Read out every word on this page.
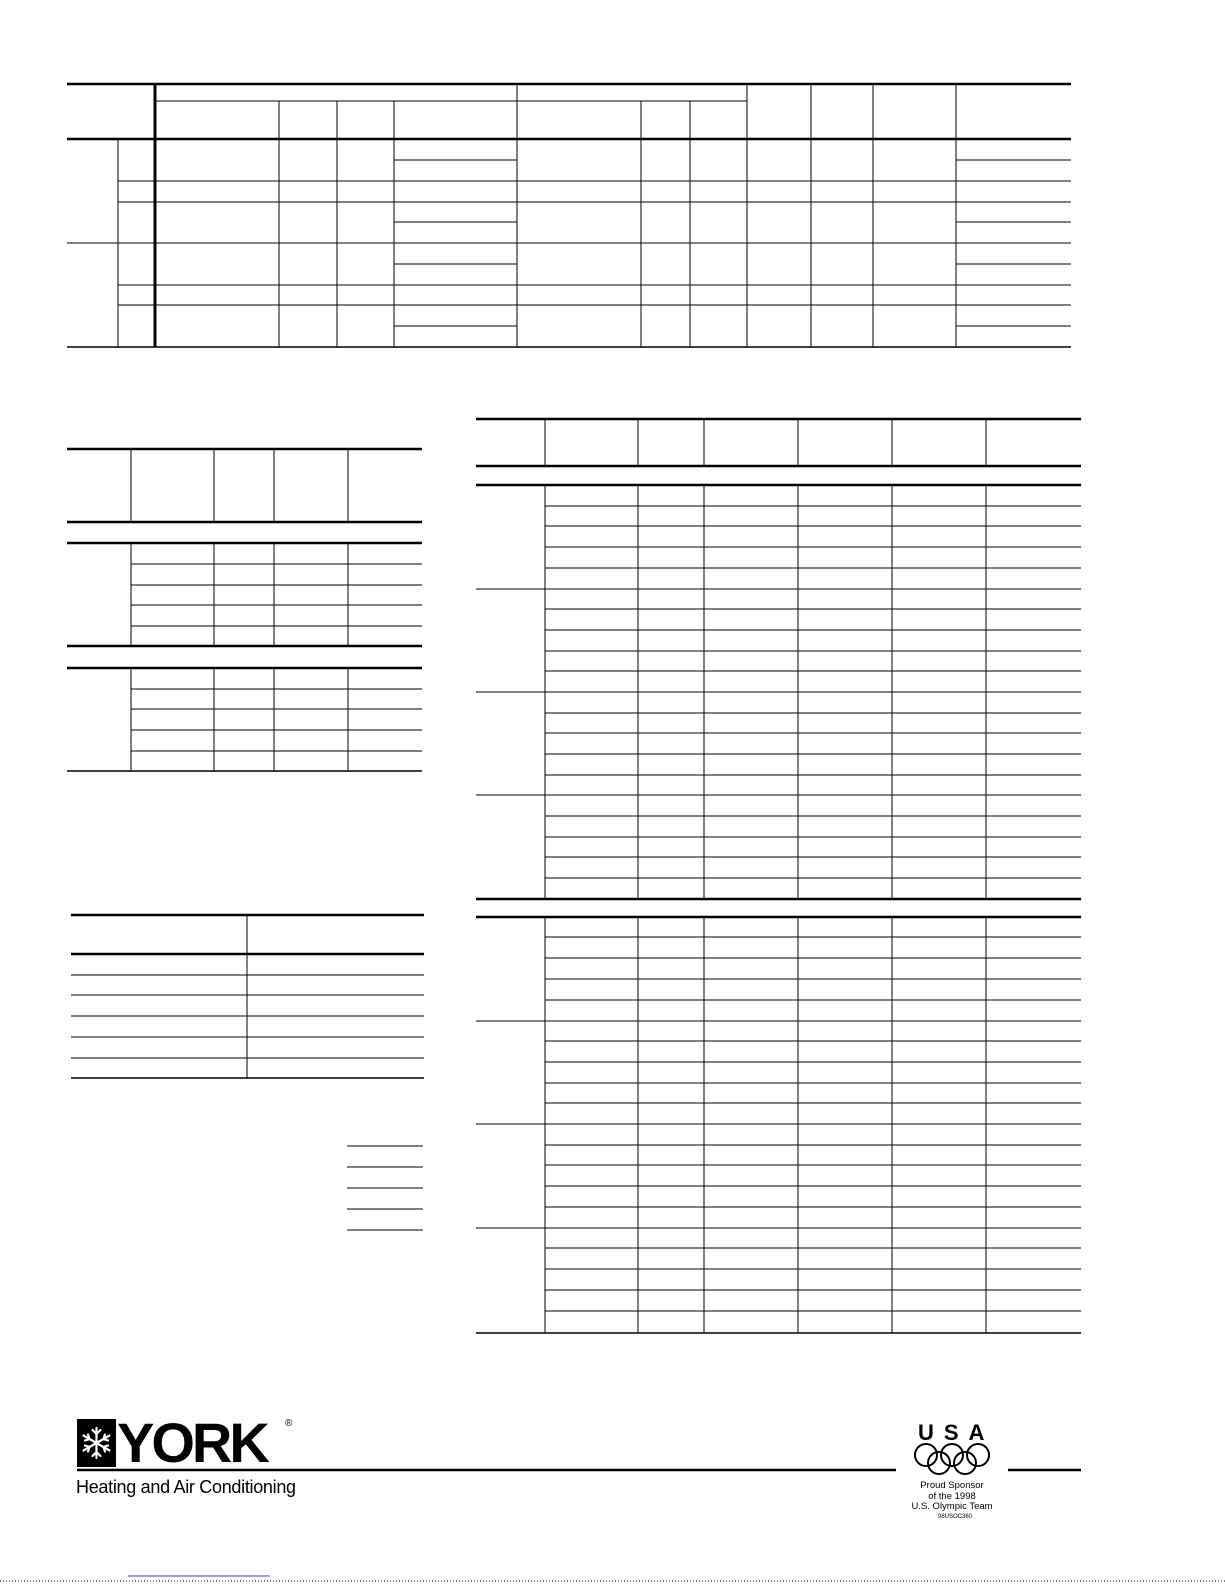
YORK ®
Heating and Air Conditioning
USA
Proud Sponsor
of the 1998
U.S. Olympic Team
98USOC360
